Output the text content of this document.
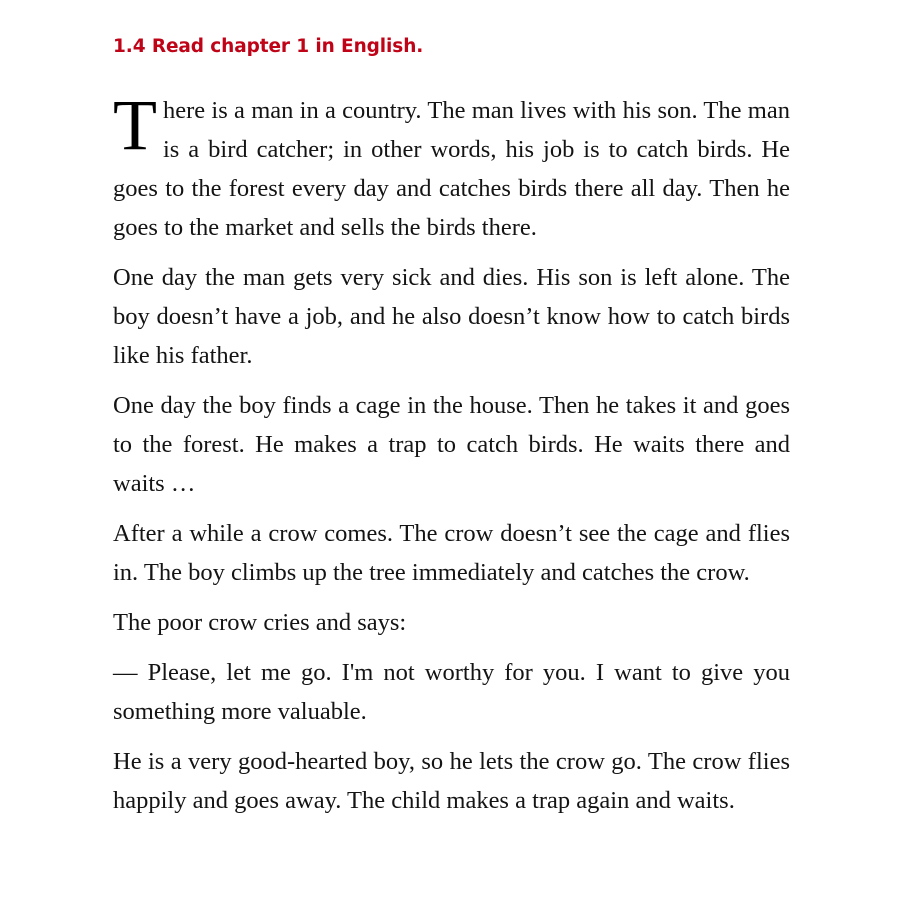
1.4 Read chapter 1 in English.

There is a man in a country. The man lives with his son. The man is a bird catcher; in other words, his job is to catch birds. He goes to the forest every day and catches birds there all day. Then he goes to the market and sells the birds there.

One day the man gets very sick and dies. His son is left alone. The boy doesn’t have a job, and he also doesn’t know how to catch birds like his father.

One day the boy finds a cage in the house. Then he takes it and goes to the forest. He makes a trap to catch birds. He waits there and waits …

After a while a crow comes. The crow doesn’t see the cage and flies in. The boy climbs up the tree immediately and catches the crow.

The poor crow cries and says:

— Please, let me go. I'm not worthy for you. I want to give you something more valuable.

He is a very good-hearted boy, so he lets the crow go. The crow flies happily and goes away. The child makes a trap again and waits.
